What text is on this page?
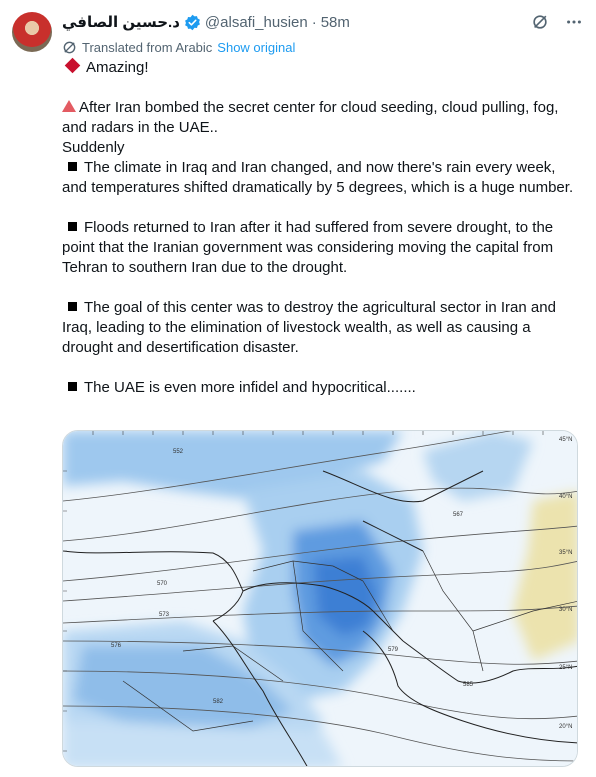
د.حسين الصافي @alsafi_husien · 58m
Translated from Arabic Show original
Amazing!
After Iran bombed the secret center for cloud seeding, cloud pulling, fog, and radars in the UAE..
Suddenly
The climate in Iraq and Iran changed, and now there's rain every week, and temperatures shifted dramatically by 5 degrees, which is a huge number.
Floods returned to Iran after it had suffered from severe drought, to the point that the Iranian government was considering moving the capital from Tehran to southern Iran due to the drought.
The goal of this center was to destroy the agricultural sector in Iran and Iraq, leading to the elimination of livestock wealth, as well as causing a drought and desertification disaster.
The UAE is even more infidel and hypocritical.......
552
567
570
573
576
579
582
585
45°N
40°N
35°N
30°N
25°N
20°N
